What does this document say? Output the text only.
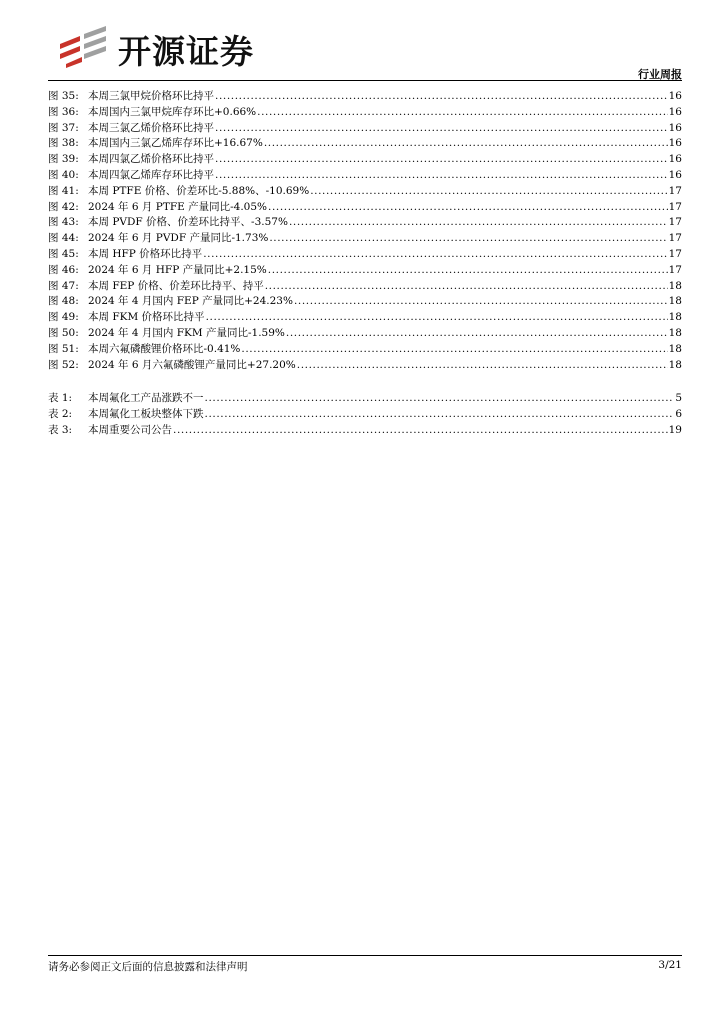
开源证券
行业周报
图 35: 本周三氯甲烷价格环比持平 .....	16
图 36: 本周国内三氯甲烷库存环比+0.66% .....	16
图 37: 本周三氯乙烯价格环比持平 .....	16
图 38: 本周国内三氯乙烯库存环比+16.67% .....	16
图 39: 本周四氯乙烯价格环比持平 .....	16
图 40: 本周四氯乙烯库存环比持平 .....	16
图 41: 本周 PTFE 价格、价差环比-5.88%、-10.69% .....	17
图 42: 2024 年 6 月 PTFE 产量同比-4.05% .....	17
图 43: 本周 PVDF 价格、价差环比持平、-3.57% .....	17
图 44: 2024 年 6 月 PVDF 产量同比-1.73% .....	17
图 45: 本周 HFP 价格环比持平 .....	17
图 46: 2024 年 6 月 HFP 产量同比+2.15% .....	17
图 47: 本周 FEP 价格、价差环比持平、持平 .....	18
图 48: 2024 年 4 月国内 FEP 产量同比+24.23% .....	18
图 49: 本周 FKM 价格环比持平 .....	18
图 50: 2024 年 4 月国内 FKM 产量同比-1.59% .....	18
图 51: 本周六氟磷酸锂价格环比-0.41% .....	18
图 52: 2024 年 6 月六氟磷酸锂产量同比+27.20% .....	18
表 1:	本周氟化工产品涨跌不一 .....	5
表 2:	本周氟化工板块整体下跌 .....	6
表 3:	本周重要公司公告 .....	19
请务必参阅正文后面的信息披露和法律声明	3/21
